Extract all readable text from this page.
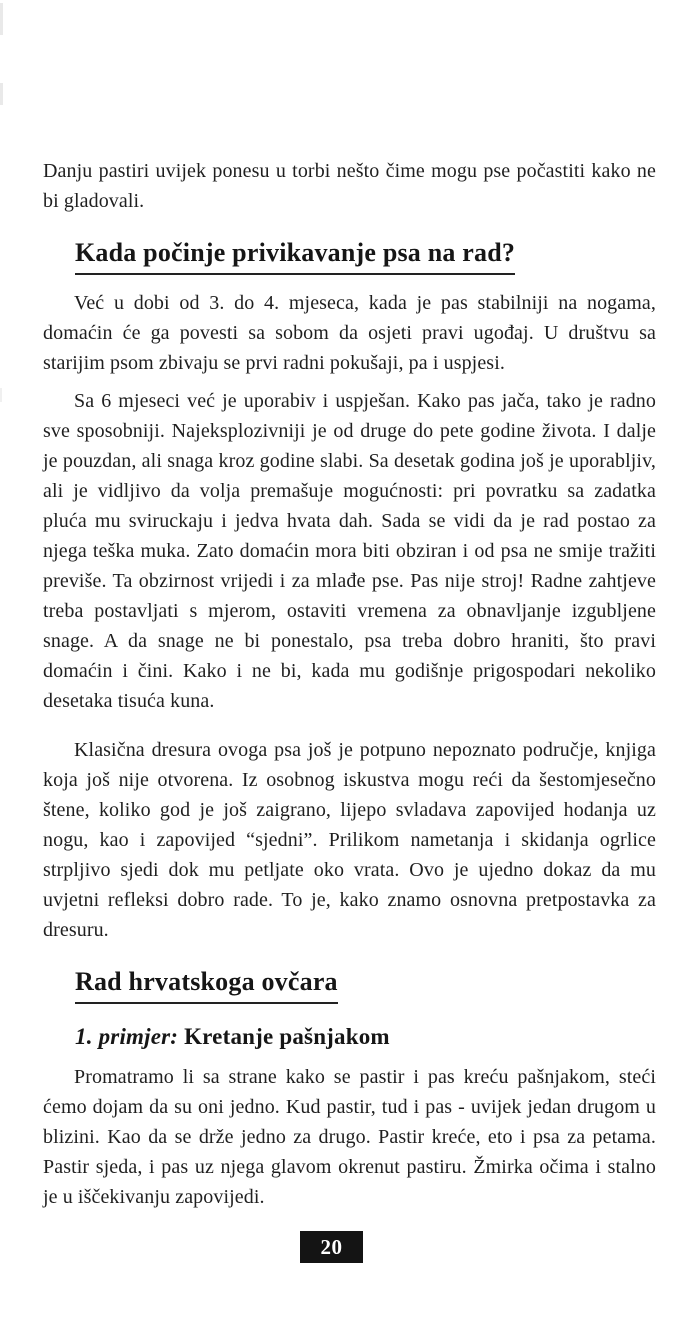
Danju pastiri uvijek ponesu u torbi nešto čime mogu pse počastiti kako ne bi gladovali.

Kada počinje privikavanje psa na rad?

Već u dobi od 3. do 4. mjeseca, kada je pas stabilniji na nogama, domaćin će ga povesti sa sobom da osjeti pravi ugođaj. U društvu sa starijim psom zbivaju se prvi radni pokušaji, pa i uspjesi.

Sa 6 mjeseci već je uporabiv i uspješan. Kako pas jača, tako je radno sve sposobniji. Najeksplozivniji je od druge do pete godine života. I dalje je pouzdan, ali snaga kroz godine slabi. Sa desetak godina još je uporabljiv, ali je vidljivo da volja premašuje mogućnosti: pri povratku sa zadatka pluća mu sviruckaju i jedva hvata dah. Sada se vidi da je rad postao za njega teška muka. Zato domaćin mora biti obziran i od psa ne smije tražiti previše. Ta obzirnost vrijedi i za mlađe pse. Pas nije stroj! Radne zahtjeve treba postavljati s mjerom, ostaviti vremena za obnavljanje izgubljene snage. A da snage ne bi ponestalo, psa treba dobro hraniti, što pravi domaćin i čini. Kako i ne bi, kada mu godišnje prigospodari nekoliko desetaka tisuća kuna.

Klasična dresura ovoga psa još je potpuno nepoznato područje, knjiga koja još nije otvorena. Iz osobnog iskustva mogu reći da šestomjesečno štene, koliko god je još zaigrano, lijepo svladava zapovijed hodanja uz nogu, kao i zapovijed “sjedni”. Prilikom nametanja i skidanja ogrlice strpljivo sjedi dok mu petljate oko vrata. Ovo je ujedno dokaz da mu uvjetni refleksi dobro rade. To je, kako znamo osnovna pretpostavka za dresuru.

Rad hrvatskoga ovčara
1. primjer: Kretanje pašnjakom

Promatramo li sa strane kako se pastir i pas kreću pašnjakom, steći ćemo dojam da su oni jedno. Kud pastir, tud i pas - uvijek jedan drugom u blizini. Kao da se drže jedno za drugo. Pastir kreće, eto i psa za petama. Pastir sjeda, i pas uz njega glavom okrenut pastiru. Žmirka očima i stalno je u iščekivanju zapovijedi.

20
